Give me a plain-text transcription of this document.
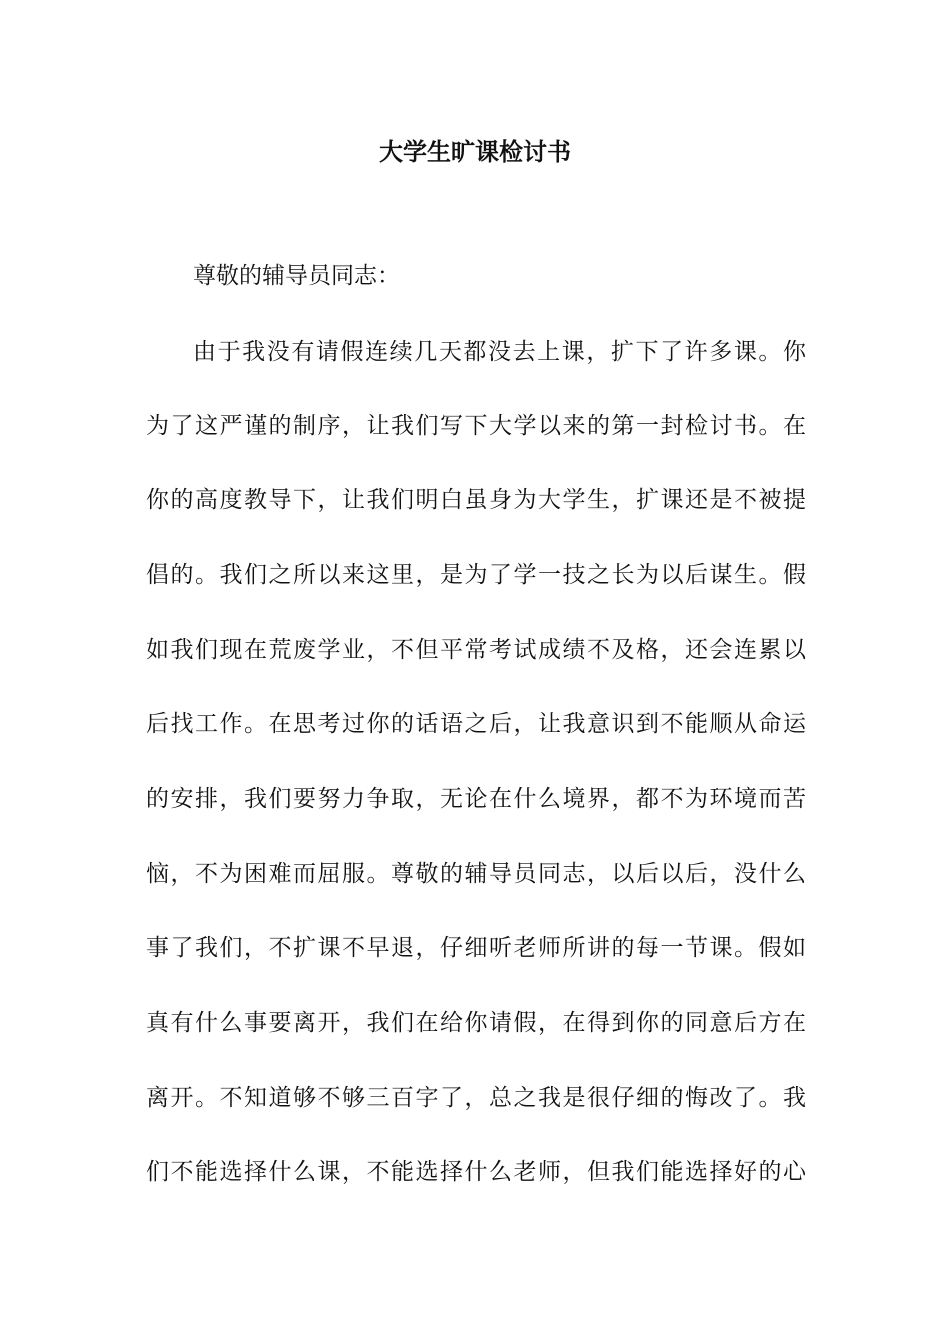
大学生旷课检讨书
尊敬的辅导员同志：
由于我没有请假连续几天都没去上课，扩下了许多课。你
为了这严谨的制序，让我们写下大学以来的第一封检讨书。在
你的高度教导下，让我们明白虽身为大学生，扩课还是不被提
倡的。我们之所以来这里，是为了学一技之长为以后谋生。假
如我们现在荒废学业，不但平常考试成绩不及格，还会连累以
后找工作。在思考过你的话语之后，让我意识到不能顺从命运
的安排，我们要努力争取，无论在什么境界，都不为环境而苦
恼，不为困难而屈服。尊敬的辅导员同志，以后以后，没什么
事了我们，不扩课不早退，仔细听老师所讲的每一节课。假如
真有什么事要离开，我们在给你请假，在得到你的同意后方在
离开。不知道够不够三百字了，总之我是很仔细的悔改了。我
们不能选择什么课，不能选择什么老师，但我们能选择好的心
